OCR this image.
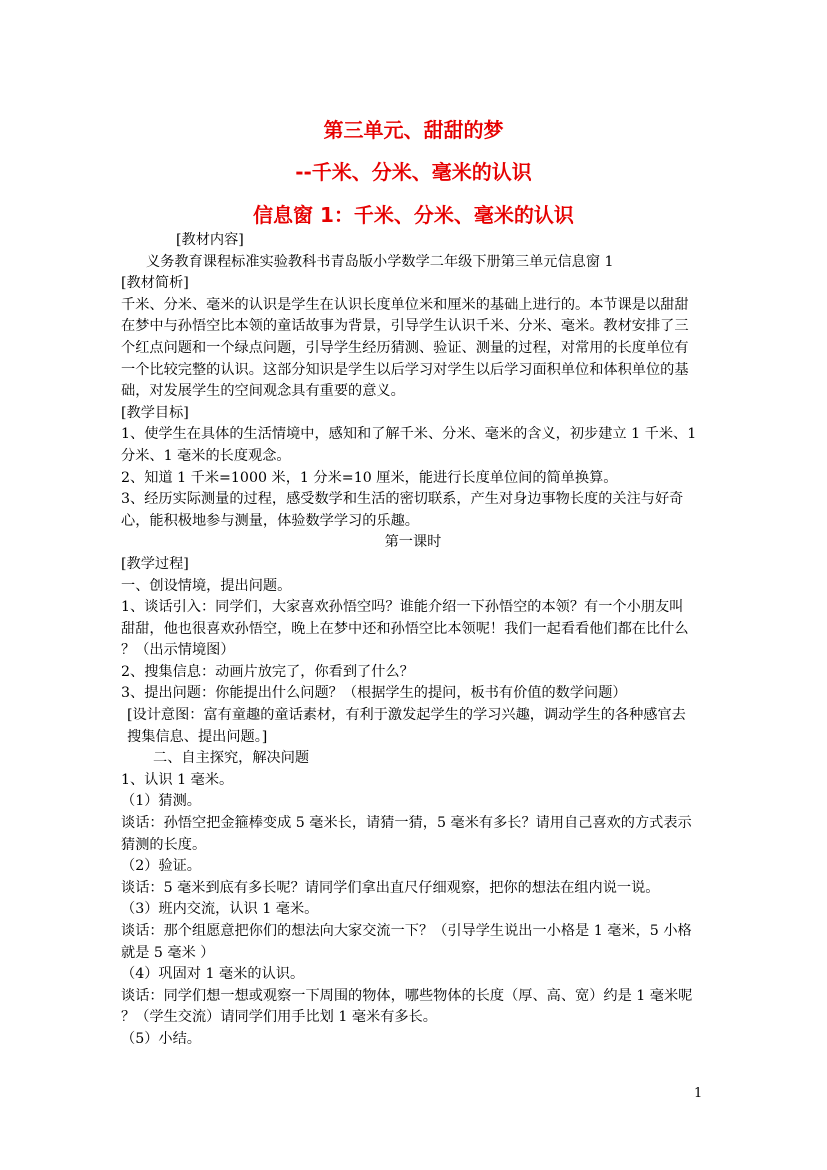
第三单元、甜甜的梦
--千米、分米、毫米的认识
信息窗 1：千米、分米、毫米的认识

[教材内容]

义务教育课程标准实验教科书青岛版小学数学二年级下册第三单元信息窗 1

[教材简析]

千米、分米、毫米的认识是学生在认识长度单位米和厘米的基础上进行的。本节课是以甜甜

在梦中与孙悟空比本领的童话故事为背景，引导学生认识千米、分米、毫米。教材安排了三

个红点问题和一个绿点问题，引导学生经历猜测、验证、测量的过程，对常用的长度单位有

一个比较完整的认识。这部分知识是学生以后学习对学生以后学习面积单位和体积单位的基

础，对发展学生的空间观念具有重要的意义。

[教学目标]

1、使学生在具体的生活情境中，感知和了解千米、分米、毫米的含义，初步建立 1 千米、1

分米、1 毫米的长度观念。

2、知道 1 千米=1000 米，1 分米=10 厘米，能进行长度单位间的简单换算。

3、经历实际测量的过程，感受数学和生活的密切联系，产生对身边事物长度的关注与好奇

心，能积极地参与测量，体验数学学习的乐趣。

第一课时

[教学过程]

一、创设情境，提出问题。

1、谈话引入：同学们，大家喜欢孙悟空吗？谁能介绍一下孙悟空的本领？有一个小朋友叫

甜甜，他也很喜欢孙悟空，晚上在梦中还和孙悟空比本领呢！我们一起看看他们都在比什么

？（出示情境图）

2、搜集信息：动画片放完了，你看到了什么？

3、提出问题：你能提出什么问题？（根据学生的提问，板书有价值的数学问题）

[设计意图：富有童趣的童话素材，有利于激发起学生的学习兴趣，调动学生的各种感官去

搜集信息、提出问题。]

二、自主探究，解决问题

1、认识 1 毫米。

（1）猜测。

谈话：孙悟空把金箍棒变成 5 毫米长，请猜一猜，5 毫米有多长？请用自己喜欢的方式表示

猜测的长度。

（2）验证。

谈话：5 毫米到底有多长呢？请同学们拿出直尺仔细观察，把你的想法在组内说一说。

（3）班内交流，认识 1 毫米。

谈话：那个组愿意把你们的想法向大家交流一下？（引导学生说出一小格是 1 毫米，5 小格

就是 5 毫米 ）

（4）巩固对 1 毫米的认识。

谈话：同学们想一想或观察一下周围的物体，哪些物体的长度（厚、高、宽）约是 1 毫米呢

？（学生交流）请同学们用手比划 1 毫米有多长。

（5）小结。

1
